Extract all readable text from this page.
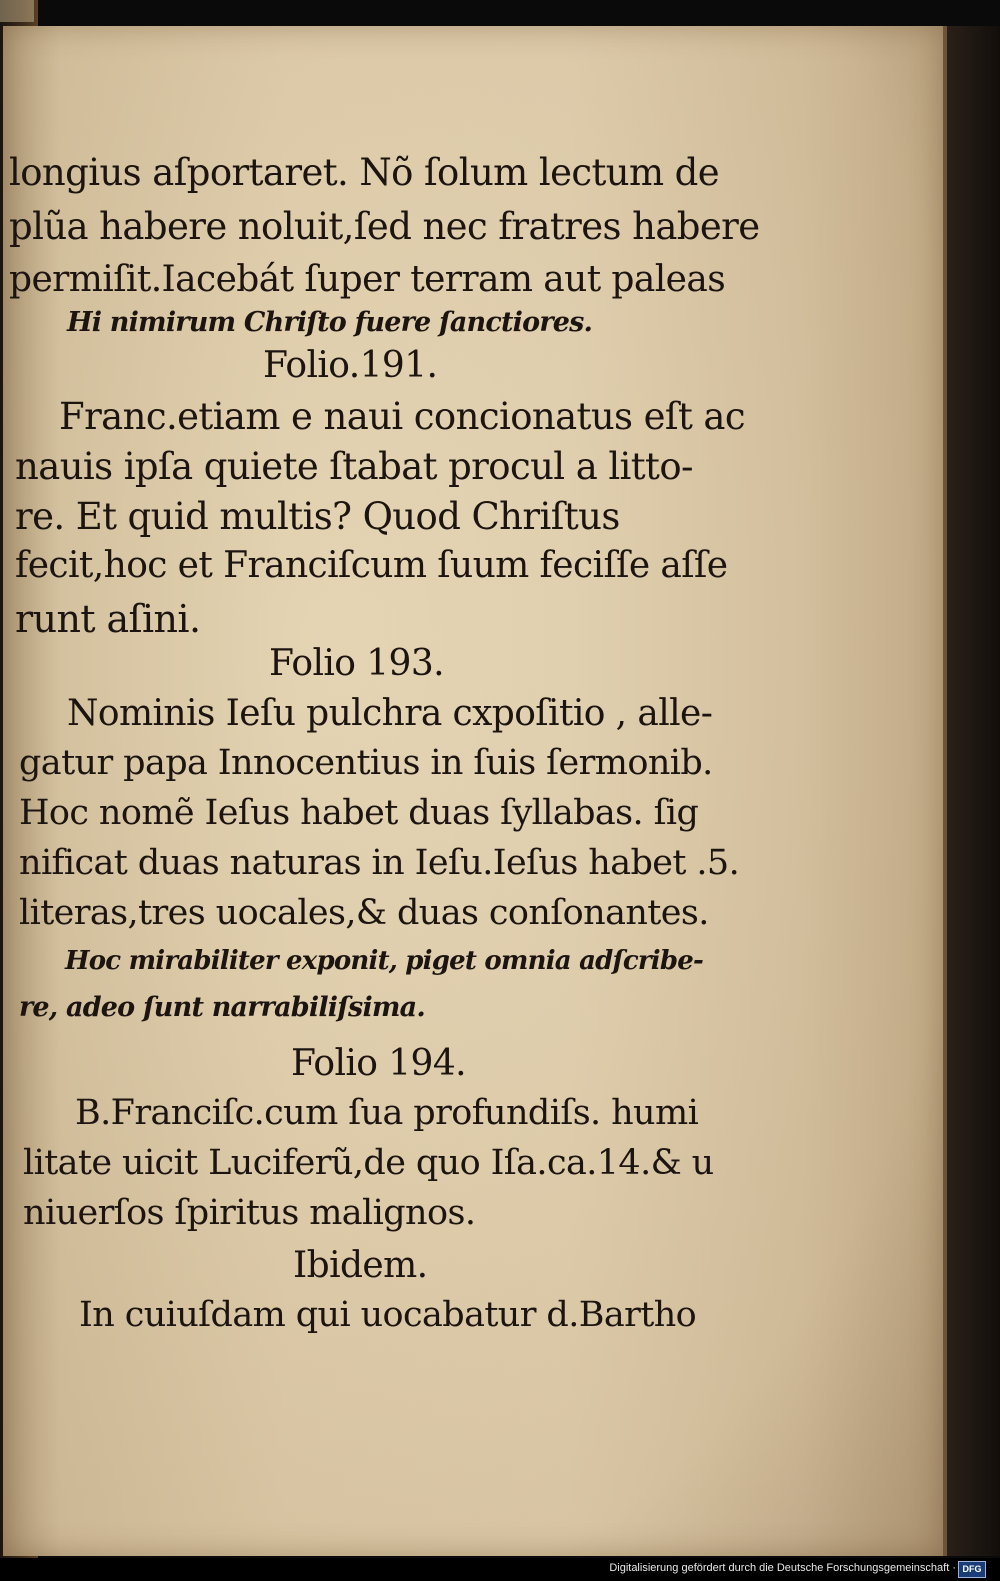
longius aſportaret. Nõ ſolum lectum de
plũa habere noluit,ſed nec fratres habere
permiſit.Iacebát ſuper terram aut paleas
Hi nimirum Chriſto fuere ſanctiores.
Folio.191.
Franc.etiam e naui concionatus eſt ac
nauis ipſa quiete ſtabat procul a litto-
re. Et quid multis? Quod Chriſtus
fecit,hoc et Franciſcum ſuum feciſſe aſſe
runt aſini.
Folio 193.
Nominis Ieſu pulchra cxpoſitio , alle-
gatur papa Innocentius in ſuis ſermonib.
Hoc nomẽ Ieſus habet duas ſyllabas. ſig
nificat duas naturas in Ieſu.Ieſus habet .5.
literas,tres uocales,& duas conſonantes.
Hoc mirabiliter exponit, piget omnia adſcribe-
re, adeo ſunt narrabiliſsima.
Folio 194.
B.Franciſc.cum ſua profundiſs. humi
litate uicit Luciferũ,de quo Iſa.ca.14.& u
niuerſos ſpiritus malignos.
Ibidem.
In cuiuſdam qui uocabatur d.Bartho
Digitalisierung gefördert durch die Deutsche Forschungsgemeinschaft · DFG
